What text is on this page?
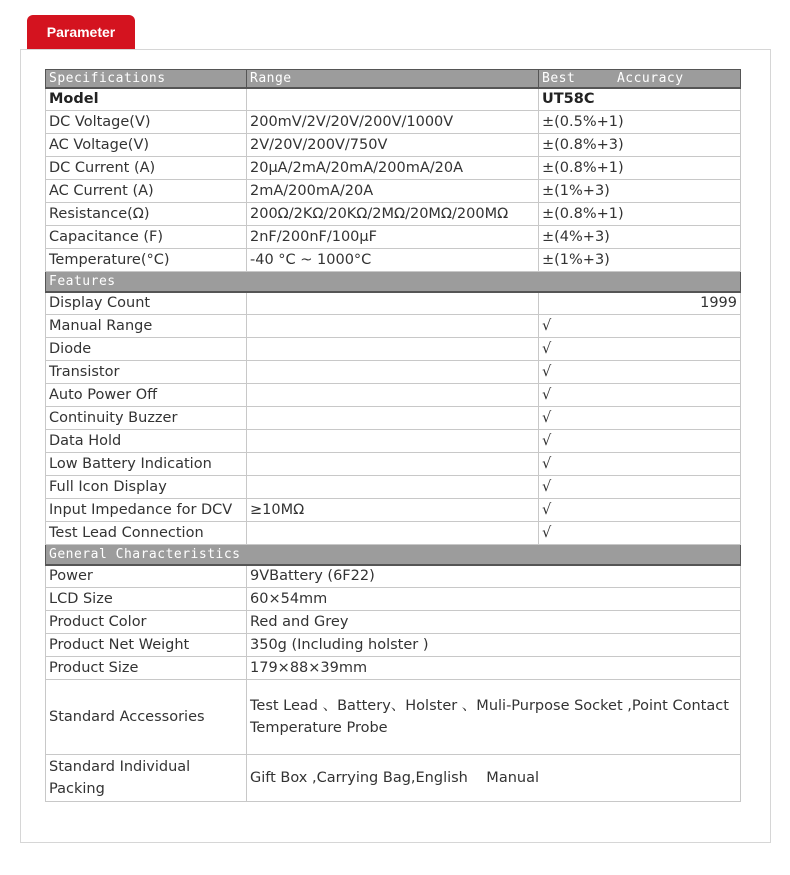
Parameter
Specifications	Range	Best     Accuracy
Model		UT58C
DC Voltage(V)	200mV/2V/20V/200V/1000V	±(0.5%+1)
AC Voltage(V)	2V/20V/200V/750V	±(0.8%+3)
DC Current (A)	20μA/2mA/20mA/200mA/20A	±(0.8%+1)
AC Current (A)	2mA/200mA/20A	±(1%+3)
Resistance(Ω)	200Ω/2KΩ/20KΩ/2MΩ/20MΩ/200MΩ	±(0.8%+1)
Capacitance (F)	2nF/200nF/100μF	±(4%+3)
Temperature(°C)	-40 °C ~ 1000°C	±(1%+3)
Features		
Display Count		1999
Manual Range		√
Diode		√
Transistor		√
Auto Power Off		√
Continuity Buzzer		√
Data Hold		√
Low Battery Indication		√
Full Icon Display		√
Input Impedance for DCV	≥10MΩ	√
Test Lead Connection		√
General Characteristics		
Power	9VBattery (6F22)	
LCD Size	60×54mm	
Product Color	Red and Grey	
Product Net Weight	350g (Including holster )	
Product Size	179×88×39mm	
Standard Accessories	Test Lead 、Battery、Holster 、Muli-Purpose Socket ,Point Contact Temperature Probe	
Standard Individual Packing	Gift Box ,Carrying Bag,English    Manual	
